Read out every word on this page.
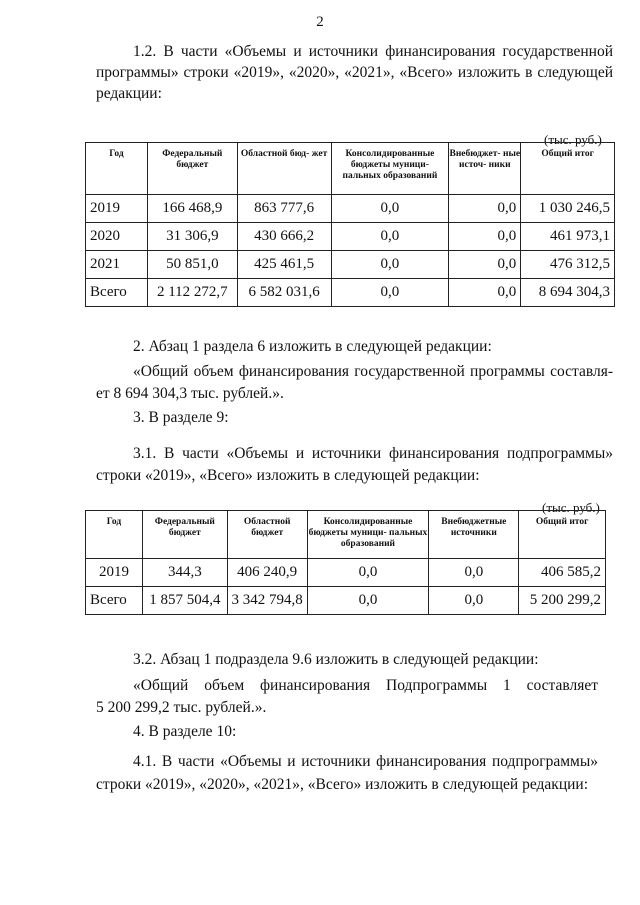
2

1.2. В части «Объемы и источники финансирования государственной

программы» строки «2019», «2020», «2021», «Всего» изложить в следующей

редакции:

(тыс. руб.)
Год	Федеральный бюджет	Областной бюд- жет	Консолидированные бюджеты муници- пальных образований	Внебюджет- ные источ- ники	Общий итог
2019	166 468,9	863 777,6	0,0	0,0	1 030 246,5
2020	31 306,9	430 666,2	0,0	0,0	461 973,1
2021	50 851,0	425 461,5	0,0	0,0	476 312,5
Всего	2 112 272,7	6 582 031,6	0,0	0,0	8 694 304,3

2. Абзац 1 раздела 6 изложить в следующей редакции:

«Общий объем финансирования государственной программы составля-

ет 8 694 304,3 тыс. рублей.».

3. В разделе 9:

3.1. В части «Объемы и источники финансирования подпрограммы»

строки «2019», «Всего» изложить в следующей редакции:

(тыс. руб.)
Год	Федеральный бюджет	Областной бюджет	Консолидированные бюджеты муници- пальных образований	Внебюджетные источники	Общий итог
2019	344,3	406 240,9	0,0	0,0	406 585,2
Всего	1 857 504,4	3 342 794,8	0,0	0,0	5 200 299,2

3.2. Абзац 1 подраздела 9.6 изложить в следующей редакции:

«Общий объем финансирования Подпрограммы 1 составляет

5 200 299,2 тыс. рублей.».

4. В разделе 10:

4.1. В части «Объемы и источники финансирования подпрограммы»

строки «2019», «2020», «2021», «Всего» изложить в следующей редакции:
